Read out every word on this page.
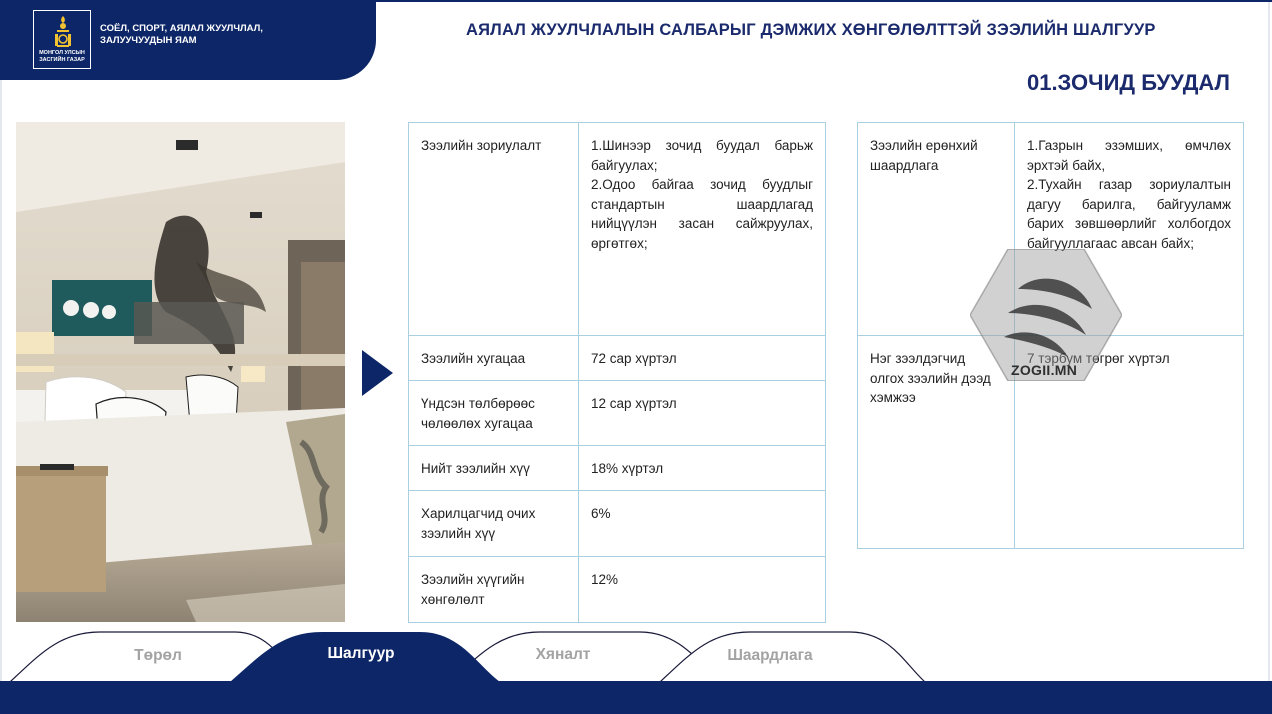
МОНГОЛ УЛСЫН ЗАСГИЙН ГАЗАР
СОЁЛ, СПОРТ, АЯЛАЛ ЖУУЛЧЛАЛ, ЗАЛУУЧУУДЫН ЯАМ
АЯЛАЛ ЖУУЛЧЛАЛЫН САЛБАРЫГ ДЭМЖИХ ХӨНГӨЛӨЛТТЭЙ ЗЭЭЛИЙН ШАЛГУУР
01.ЗОЧИД БУУДАЛ
Зээлийн зориулалт	1.Шинээр зочид буудал барьж байгуулах;
2.Одоо байгаа зочид буудлыг стандартын шаардлагад нийцүүлэн засан сайжруулах, өргөтгөх;
Зээлийн хугацаа	72 сар хүртэл
Үндсэн төлбөрөөс чөлөөлөх хугацаа	12 сар хүртэл
Нийт зээлийн хүү	18% хүртэл
Харилцагчид очих зээлийн хүү	6%
Зээлийн хүүгийн хөнгөлөлт	12%
Зээлийн ерөнхий шаардлага	1.Газрын эзэмших, өмчлөх эрхтэй байх,
2.Тухайн газар зориулалтын дагуу барилга, байгууламж барих зөвшөөрлийг холбогдох байгууллагаас авсан байх;
Нэг зээлдэгчид олгох зээлийн дээд хэмжээ	7 тэрбум төгрөг хүртэл
ZOGII.MN
Төрөл	Шалгуур	Хяналт	Шаардлага
